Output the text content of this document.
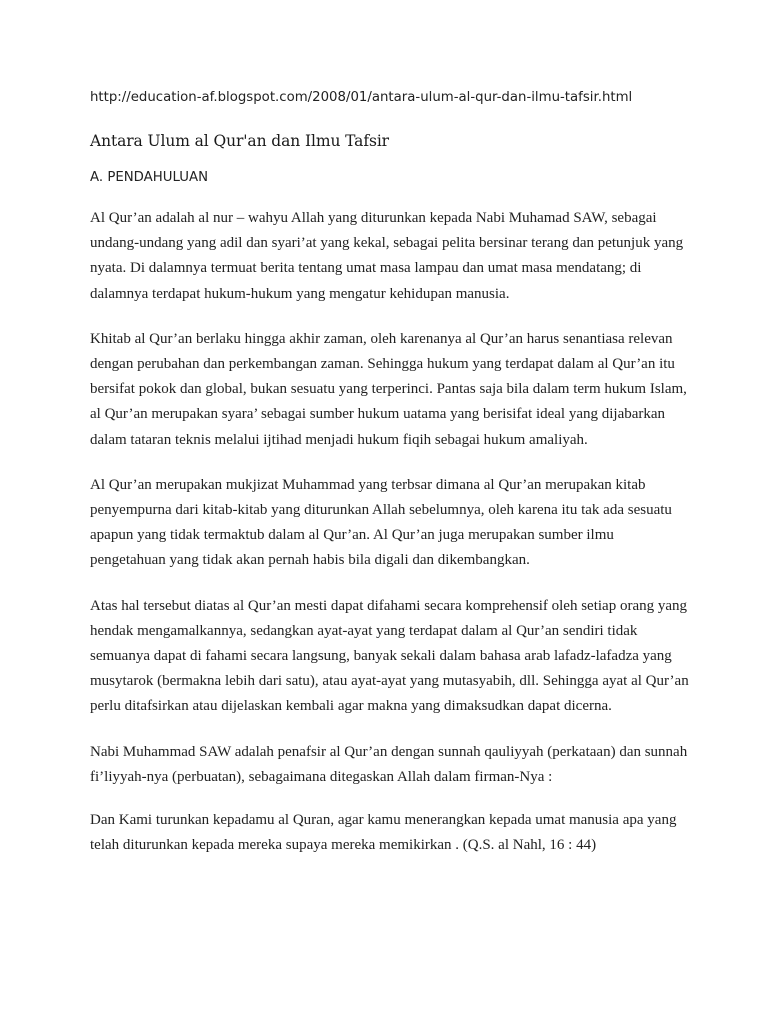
http://education-af.blogspot.com/2008/01/antara-ulum-al-qur-dan-ilmu-tafsir.html

Antara Ulum al Qur'an dan Ilmu Tafsir

A. PENDAHULUAN

Al Qur’an adalah al nur – wahyu Allah yang diturunkan kepada Nabi Muhamad SAW, sebagai undang-undang yang adil dan syari’at yang kekal, sebagai pelita bersinar terang dan petunjuk yang nyata. Di dalamnya termuat berita tentang umat masa lampau dan umat masa mendatang; di dalamnya terdapat hukum-hukum yang mengatur kehidupan manusia.

Khitab al Qur’an berlaku hingga akhir zaman, oleh karenanya al Qur’an harus senantiasa relevan dengan perubahan dan perkembangan zaman. Sehingga hukum yang terdapat dalam al Qur’an itu bersifat pokok dan global, bukan sesuatu yang terperinci. Pantas saja bila dalam term hukum Islam, al Qur’an merupakan syara’ sebagai sumber hukum uatama yang berisifat ideal yang dijabarkan dalam tataran teknis melalui ijtihad menjadi hukum fiqih sebagai hukum amaliyah.

Al Qur’an merupakan mukjizat Muhammad yang terbsar dimana al Qur’an merupakan kitab penyempurna dari kitab-kitab yang diturunkan Allah sebelumnya, oleh karena itu tak ada sesuatu apapun yang tidak termaktub dalam al Qur’an. Al Qur’an juga merupakan sumber ilmu pengetahuan yang tidak akan pernah habis bila digali dan dikembangkan.

Atas hal tersebut diatas al Qur’an mesti dapat difahami secara komprehensif oleh setiap orang yang hendak mengamalkannya, sedangkan ayat-ayat yang terdapat dalam al Qur’an sendiri tidak semuanya dapat di fahami secara langsung, banyak sekali dalam bahasa arab lafadz-lafadza yang musytarok (bermakna lebih dari satu), atau ayat-ayat yang mutasyabih, dll. Sehingga ayat al Qur’an perlu ditafsirkan atau dijelaskan kembali agar makna yang dimaksudkan dapat dicerna.

Nabi Muhammad SAW adalah penafsir al Qur’an dengan sunnah qauliyyah (perkataan) dan sunnah fi’liyyah-nya (perbuatan), sebagaimana ditegaskan Allah dalam firman-Nya :

Dan Kami turunkan kepadamu al Quran, agar kamu menerangkan kepada umat manusia apa yang telah diturunkan kepada mereka supaya mereka memikirkan . (Q.S. al Nahl, 16 : 44)
